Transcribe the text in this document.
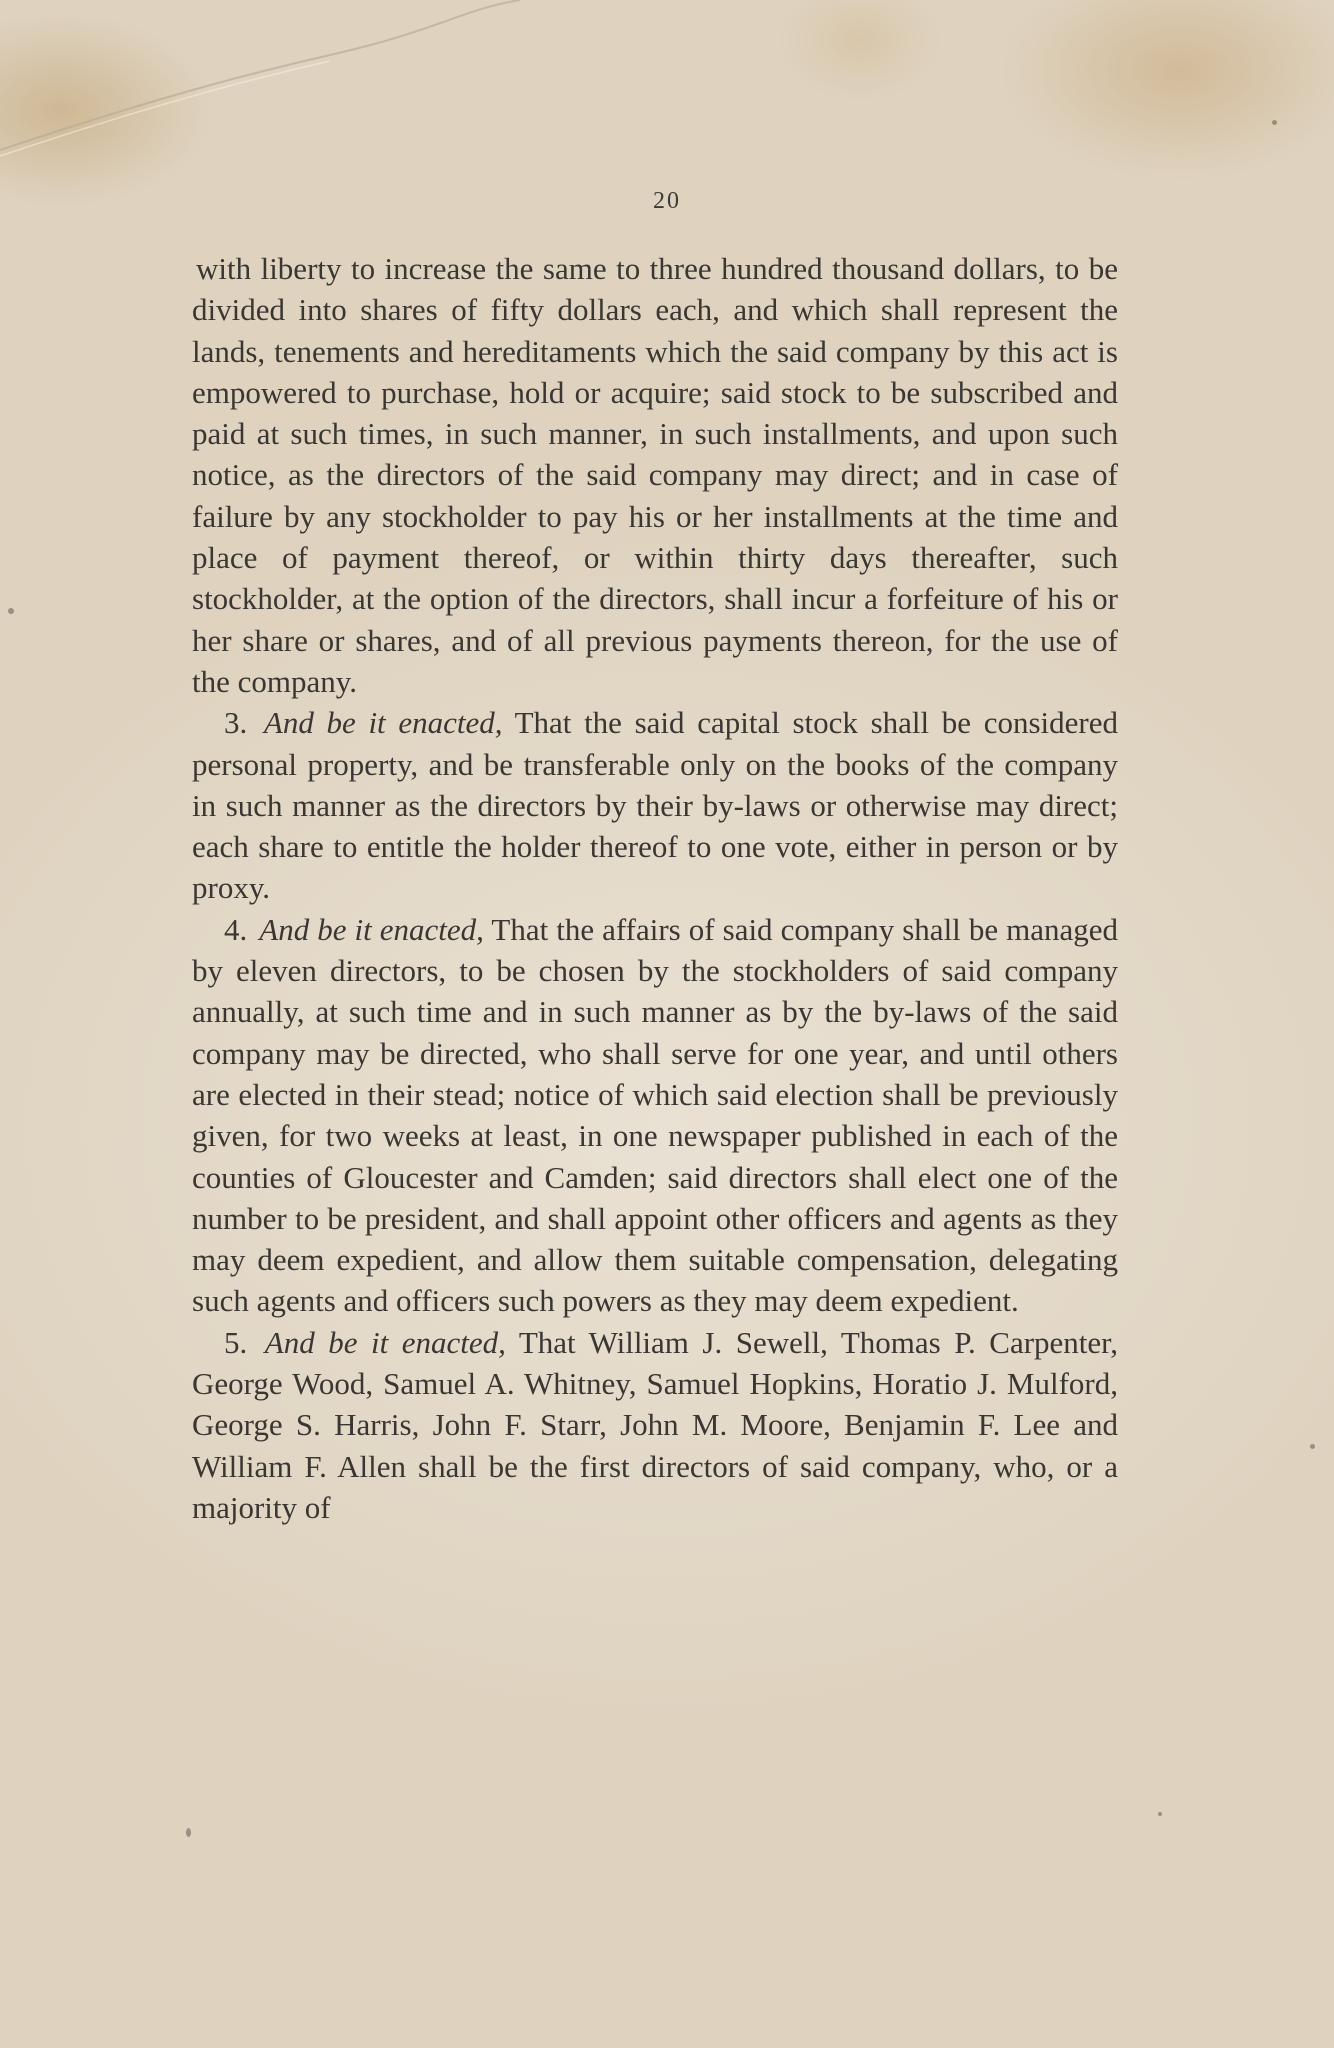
20

with liberty to increase the same to three hundred thousand dollars, to be divided into shares of fifty dollars each, and which shall represent the lands, tenements and hereditaments which the said company by this act is empowered to purchase, hold or acquire; said stock to be subscribed and paid at such times, in such manner, in such installments, and upon such notice, as the directors of the said company may direct; and in case of failure by any stockholder to pay his or her installments at the time and place of payment thereof, or within thirty days thereafter, such stockholder, at the option of the directors, shall incur a forfeiture of his or her share or shares, and of all previous payments thereon, for the use of the company.

3. And be it enacted, That the said capital stock shall be considered personal property, and be transferable only on the books of the company in such manner as the directors by their by-laws or otherwise may direct; each share to entitle the holder thereof to one vote, either in person or by proxy.

4. And be it enacted, That the affairs of said company shall be managed by eleven directors, to be chosen by the stockholders of said company annually, at such time and in such manner as by the by-laws of the said company may be directed, who shall serve for one year, and until others are elected in their stead; notice of which said election shall be previously given, for two weeks at least, in one newspaper published in each of the counties of Gloucester and Camden; said directors shall elect one of the number to be president, and shall appoint other officers and agents as they may deem expedient, and allow them suitable compensation, delegating such agents and officers such powers as they may deem expedient.

5. And be it enacted, That William J. Sewell, Thomas P. Carpenter, George Wood, Samuel A. Whitney, Samuel Hopkins, Horatio J. Mulford, George S. Harris, John F. Starr, John M. Moore, Benjamin F. Lee and William F. Allen shall be the first directors of said company, who, or a majority of
